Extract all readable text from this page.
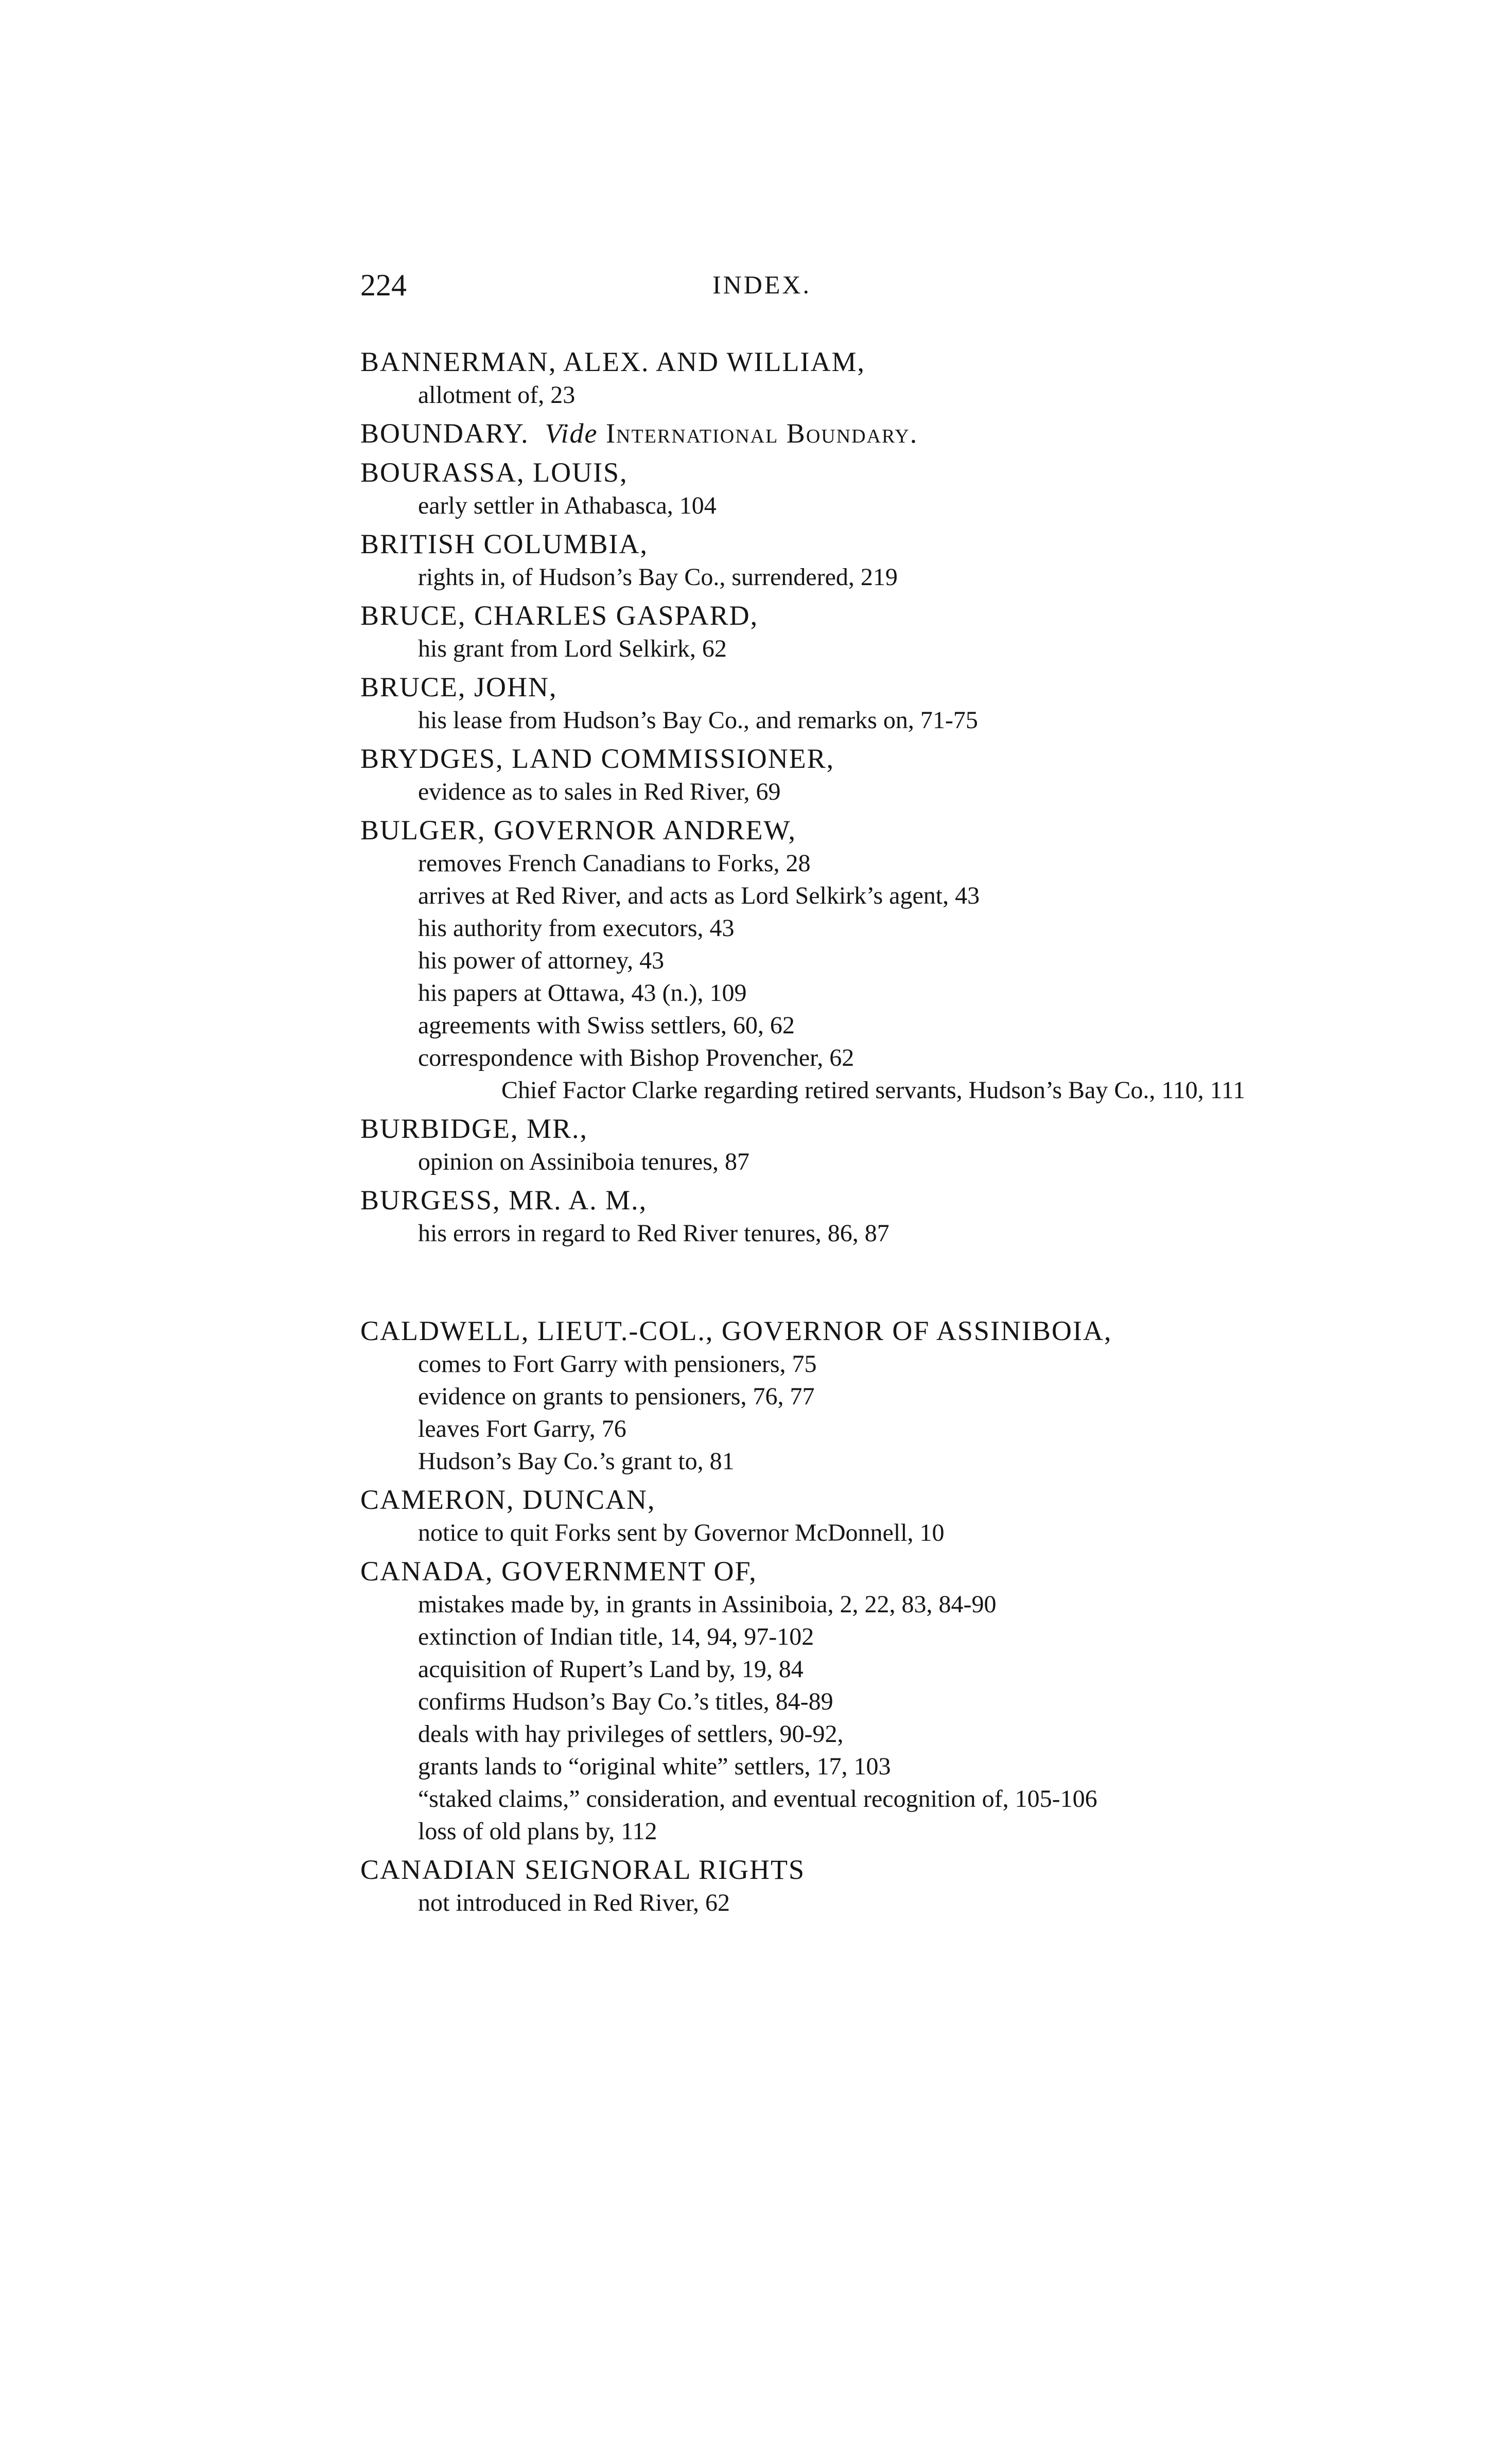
224	INDEX.
BANNERMAN, ALEX. AND WILLIAM,
allotment of, 23
BOUNDARY. Vide International Boundary.
BOURASSA, LOUIS,
early settler in Athabasca, 104
BRITISH COLUMBIA,
rights in, of Hudson’s Bay Co., surrendered, 219
BRUCE, CHARLES GASPARD,
his grant from Lord Selkirk, 62
BRUCE, JOHN,
his lease from Hudson’s Bay Co., and remarks on, 71-75
BRYDGES, LAND COMMISSIONER,
evidence as to sales in Red River, 69
BULGER, GOVERNOR ANDREW,
removes French Canadians to Forks, 28
arrives at Red River, and acts as Lord Selkirk’s agent, 43
his authority from executors, 43
his power of attorney, 43
his papers at Ottawa, 43 (n.), 109
agreements with Swiss settlers, 60, 62
correspondence with Bishop Provencher, 62
Chief Factor Clarke regarding retired servants, Hudson’s Bay Co., 110, 111
BURBIDGE, MR.,
opinion on Assiniboia tenures, 87
BURGESS, MR. A. M.,
his errors in regard to Red River tenures, 86, 87
CALDWELL, LIEUT.-COL., GOVERNOR OF ASSINIBOIA,
comes to Fort Garry with pensioners, 75
evidence on grants to pensioners, 76, 77
leaves Fort Garry, 76
Hudson’s Bay Co.’s grant to, 81
CAMERON, DUNCAN,
notice to quit Forks sent by Governor McDonnell, 10
CANADA, GOVERNMENT OF,
mistakes made by, in grants in Assiniboia, 2, 22, 83, 84-90
extinction of Indian title, 14, 94, 97-102
acquisition of Rupert’s Land by, 19, 84
confirms Hudson’s Bay Co.’s titles, 84-89
deals with hay privileges of settlers, 90-92,
grants lands to “original white” settlers, 17, 103
“staked claims,” consideration, and eventual recognition of, 105-106
loss of old plans by, 112
CANADIAN SEIGNORAL RIGHTS
not introduced in Red River, 62
